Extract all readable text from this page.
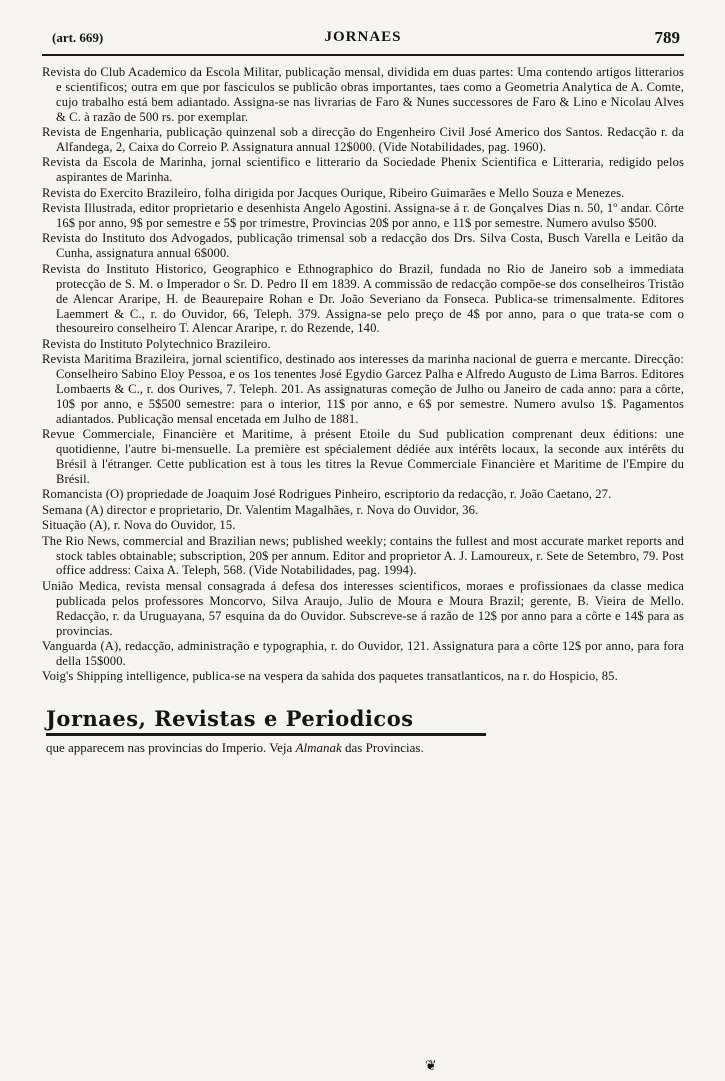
(art. 669)	JORNAES	789

Revista do Club Academico da Escola Militar, publicação mensal, dividida em duas partes: Uma contendo artigos litterarios e scientificos; outra em que por fasciculos se publicão obras importantes, taes como a Geometria Analytica de A. Comte, cujo trabalho está bem adiantado. Assigna-se nas livrarias de Faro & Nunes successores de Faro & Lino e Nicolau Alves & C. à razão de 500 rs. por exemplar.

Revista de Engenharia, publicação quinzenal sob a direcção do Engenheiro Civil José Americo dos Santos. Redacção r. da Alfandega, 2, Caixa do Correio P. Assignatura annual 12$000. (Vide Notabilidades, pag. 1960).

Revista da Escola de Marinha, jornal scientifico e litterario da Sociedade Phenix Scientifica e Litteraria, redigido pelos aspirantes de Marinha.

Revista do Exercito Brazileiro, folha dirigida por Jacques Ourique, Ribeiro Guimarães e Mello Souza e Menezes.

Revista Illustrada, editor proprietario e desenhista Angelo Agostini. Assigna-se á r. de Gonçalves Dias n. 50, 1º andar. Côrte 16$ por anno, 9$ por semestre e 5$ por trimestre, Provincias 20$ por anno, e 11$ por semestre. Numero avulso $500.

Revista do Instituto dos Advogados, publicação trimensal sob a redacção dos Drs. Silva Costa, Busch Varella e Leitão da Cunha, assignatura annual 6$000.

Revista do Instituto Historico, Geographico e Ethnographico do Brazil, fundada no Rio de Janeiro sob a immediata protecção de S. M. o Imperador o Sr. D. Pedro II em 1839. A commissão de redacção compõe-se dos conselheiros Tristão de Alencar Araripe, H. de Beaurepaire Rohan e Dr. João Severiano da Fonseca. Publica-se trimensalmente. Editores Laemmert & C., r. do Ouvidor, 66, Teleph. 379. Assigna-se pelo preço de 4$ por anno, para o que trata-se com o thesoureiro conselheiro T. Alencar Araripe, r. do Rezende, 140.

Revista do Instituto Polytechnico Brazileiro.

Revista Maritima Brazileira, jornal scientifico, destinado aos interesses da marinha nacional de guerra e mercante. Direcção: Conselheiro Sabino Eloy Pessoa, e os 1os tenentes José Egydio Garcez Palha e Alfredo Augusto de Lima Barros. Editores Lombaerts & C., r. dos Ourives, 7. Teleph. 201. As assignaturas começão de Julho ou Janeiro de cada anno: para a côrte, 10$ por anno, e 5$500 semestre: para o interior, 11$ por anno, e 6$ por semestre. Numero avulso 1$. Pagamentos adiantados. Publicação mensal encetada em Julho de 1881.

Revue Commerciale, Financière et Maritime, à présent Etoile du Sud publication comprenant deux éditions: une quotidienne, l'autre bi-mensuelle. La première est spécialement dédiée aux intérêts locaux, la seconde aux intérêts du Brésil à l'étranger. Cette publication est à tous les titres la Revue Commerciale Financière et Maritime de l'Empire du Brésil.

Romancista (O) propriedade de Joaquim José Rodrigues Pinheiro, escriptorio da redacção, r. João Caetano, 27.

Semana (A) director e proprietario, Dr. Valentim Magalhães, r. Nova do Ouvidor, 36.

Situação (A), r. Nova do Ouvidor, 15.

The Rio News, commercial and Brazilian news; published weekly; contains the fullest and most accurate market reports and stock tables obtainable; subscription, 20$ per annum. Editor and proprietor A. J. Lamoureux, r. Sete de Setembro, 79. Post office address: Caixa A. Teleph, 568. (Vide Notabilidades, pag. 1994).

União Medica, revista mensal consagrada á defesa dos interesses scientificos, moraes e profissionaes da classe medica publicada pelos professores Moncorvo, Silva Araujo, Julio de Moura e Moura Brazil; gerente, B. Vieira de Mello. Redacção, r. da Uruguayana, 57 esquina da do Ouvidor. Subscreve-se á razão de 12$ por anno para a côrte e 14$ para as provincias.

Vanguarda (A), redacção, administração e typographia, r. do Ouvidor, 121. Assignatura para a côrte 12$ por anno, para fora della 15$000.

Voig's Shipping intelligence, publica-se na vespera da sahida dos paquetes transatlanticos, na r. do Hospicio, 85.

Jornaes, Revistas e Periodicos
que apparecem nas provincias do Imperio. Veja Almanak das Provincias.
❦
